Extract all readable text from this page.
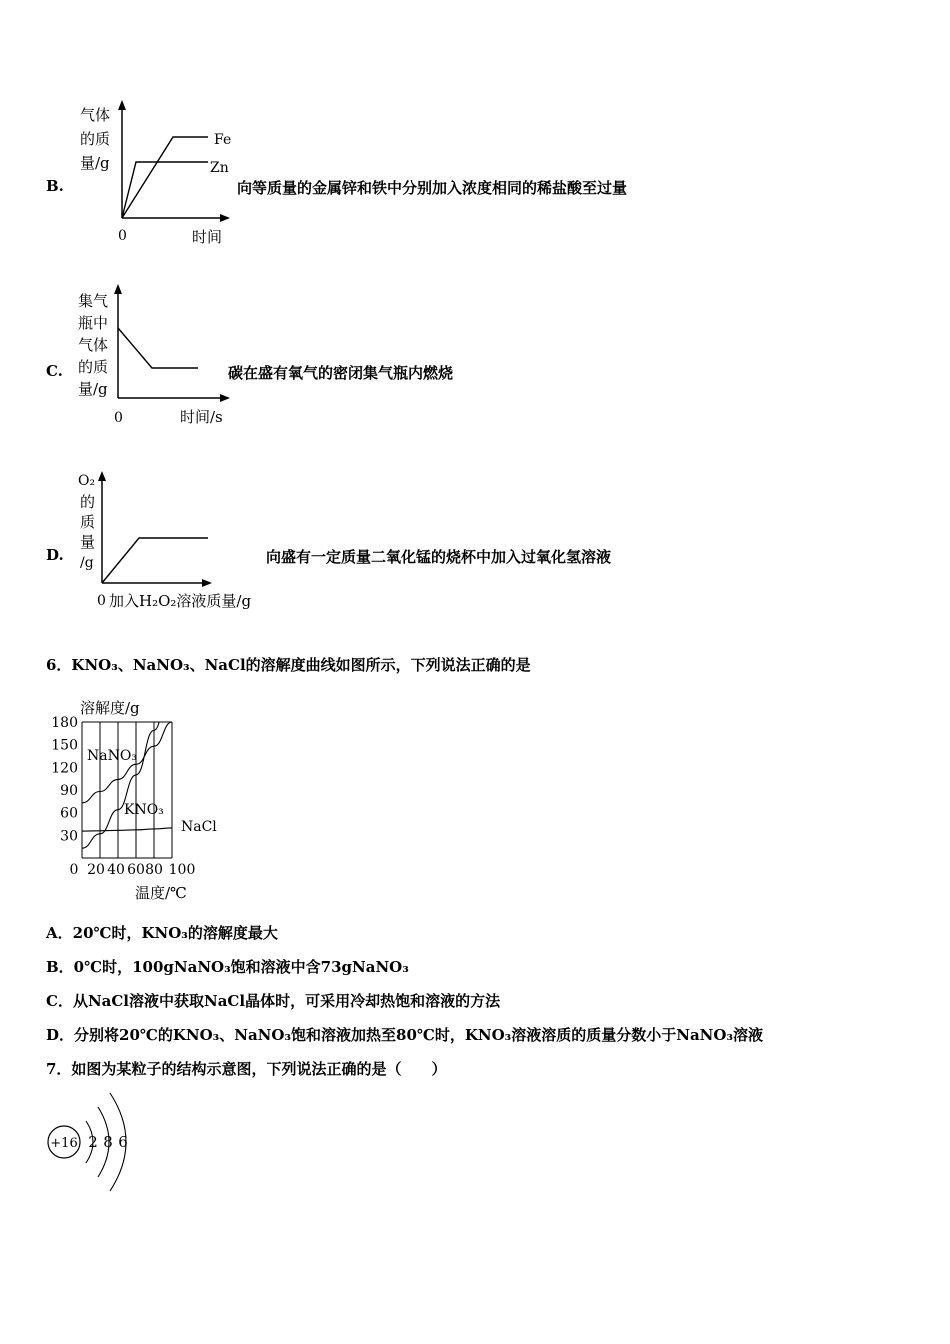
B.
气体
的质
量/g
Fe
Zn
0	时间
向等质量的金属锌和铁中分别加入浓度相同的稀盐酸至过量
C.
集气
瓶中
气体
的质
量/g
0	时间/s
碳在盛有氧气的密闭集气瓶内燃烧
D.
O₂
的
质
量
/g
0 加入H₂O₂溶液质量/g
向盛有一定质量二氧化锰的烧杯中加入过氧化氢溶液
6．KNO₃、NaNO₃、NaCl的溶解度曲线如图所示，下列说法正确的是
溶解度/g
温度/℃
30
60
90
120
150
180
0 20 40 60 80 100
NaNO₃
KNO₃
NaCl
A．20℃时，KNO₃的溶解度最大
B．0℃时，100gNaNO₃饱和溶液中含73gNaNO₃
C．从NaCl溶液中获取NaCl晶体时，可采用冷却热饱和溶液的方法
D．分别将20℃的KNO₃、NaNO₃饱和溶液加热至80℃时，KNO₃溶液溶质的质量分数小于NaNO₃溶液
7．如图为某粒子的结构示意图，下列说法正确的是（　　）
+16 2 8 6
